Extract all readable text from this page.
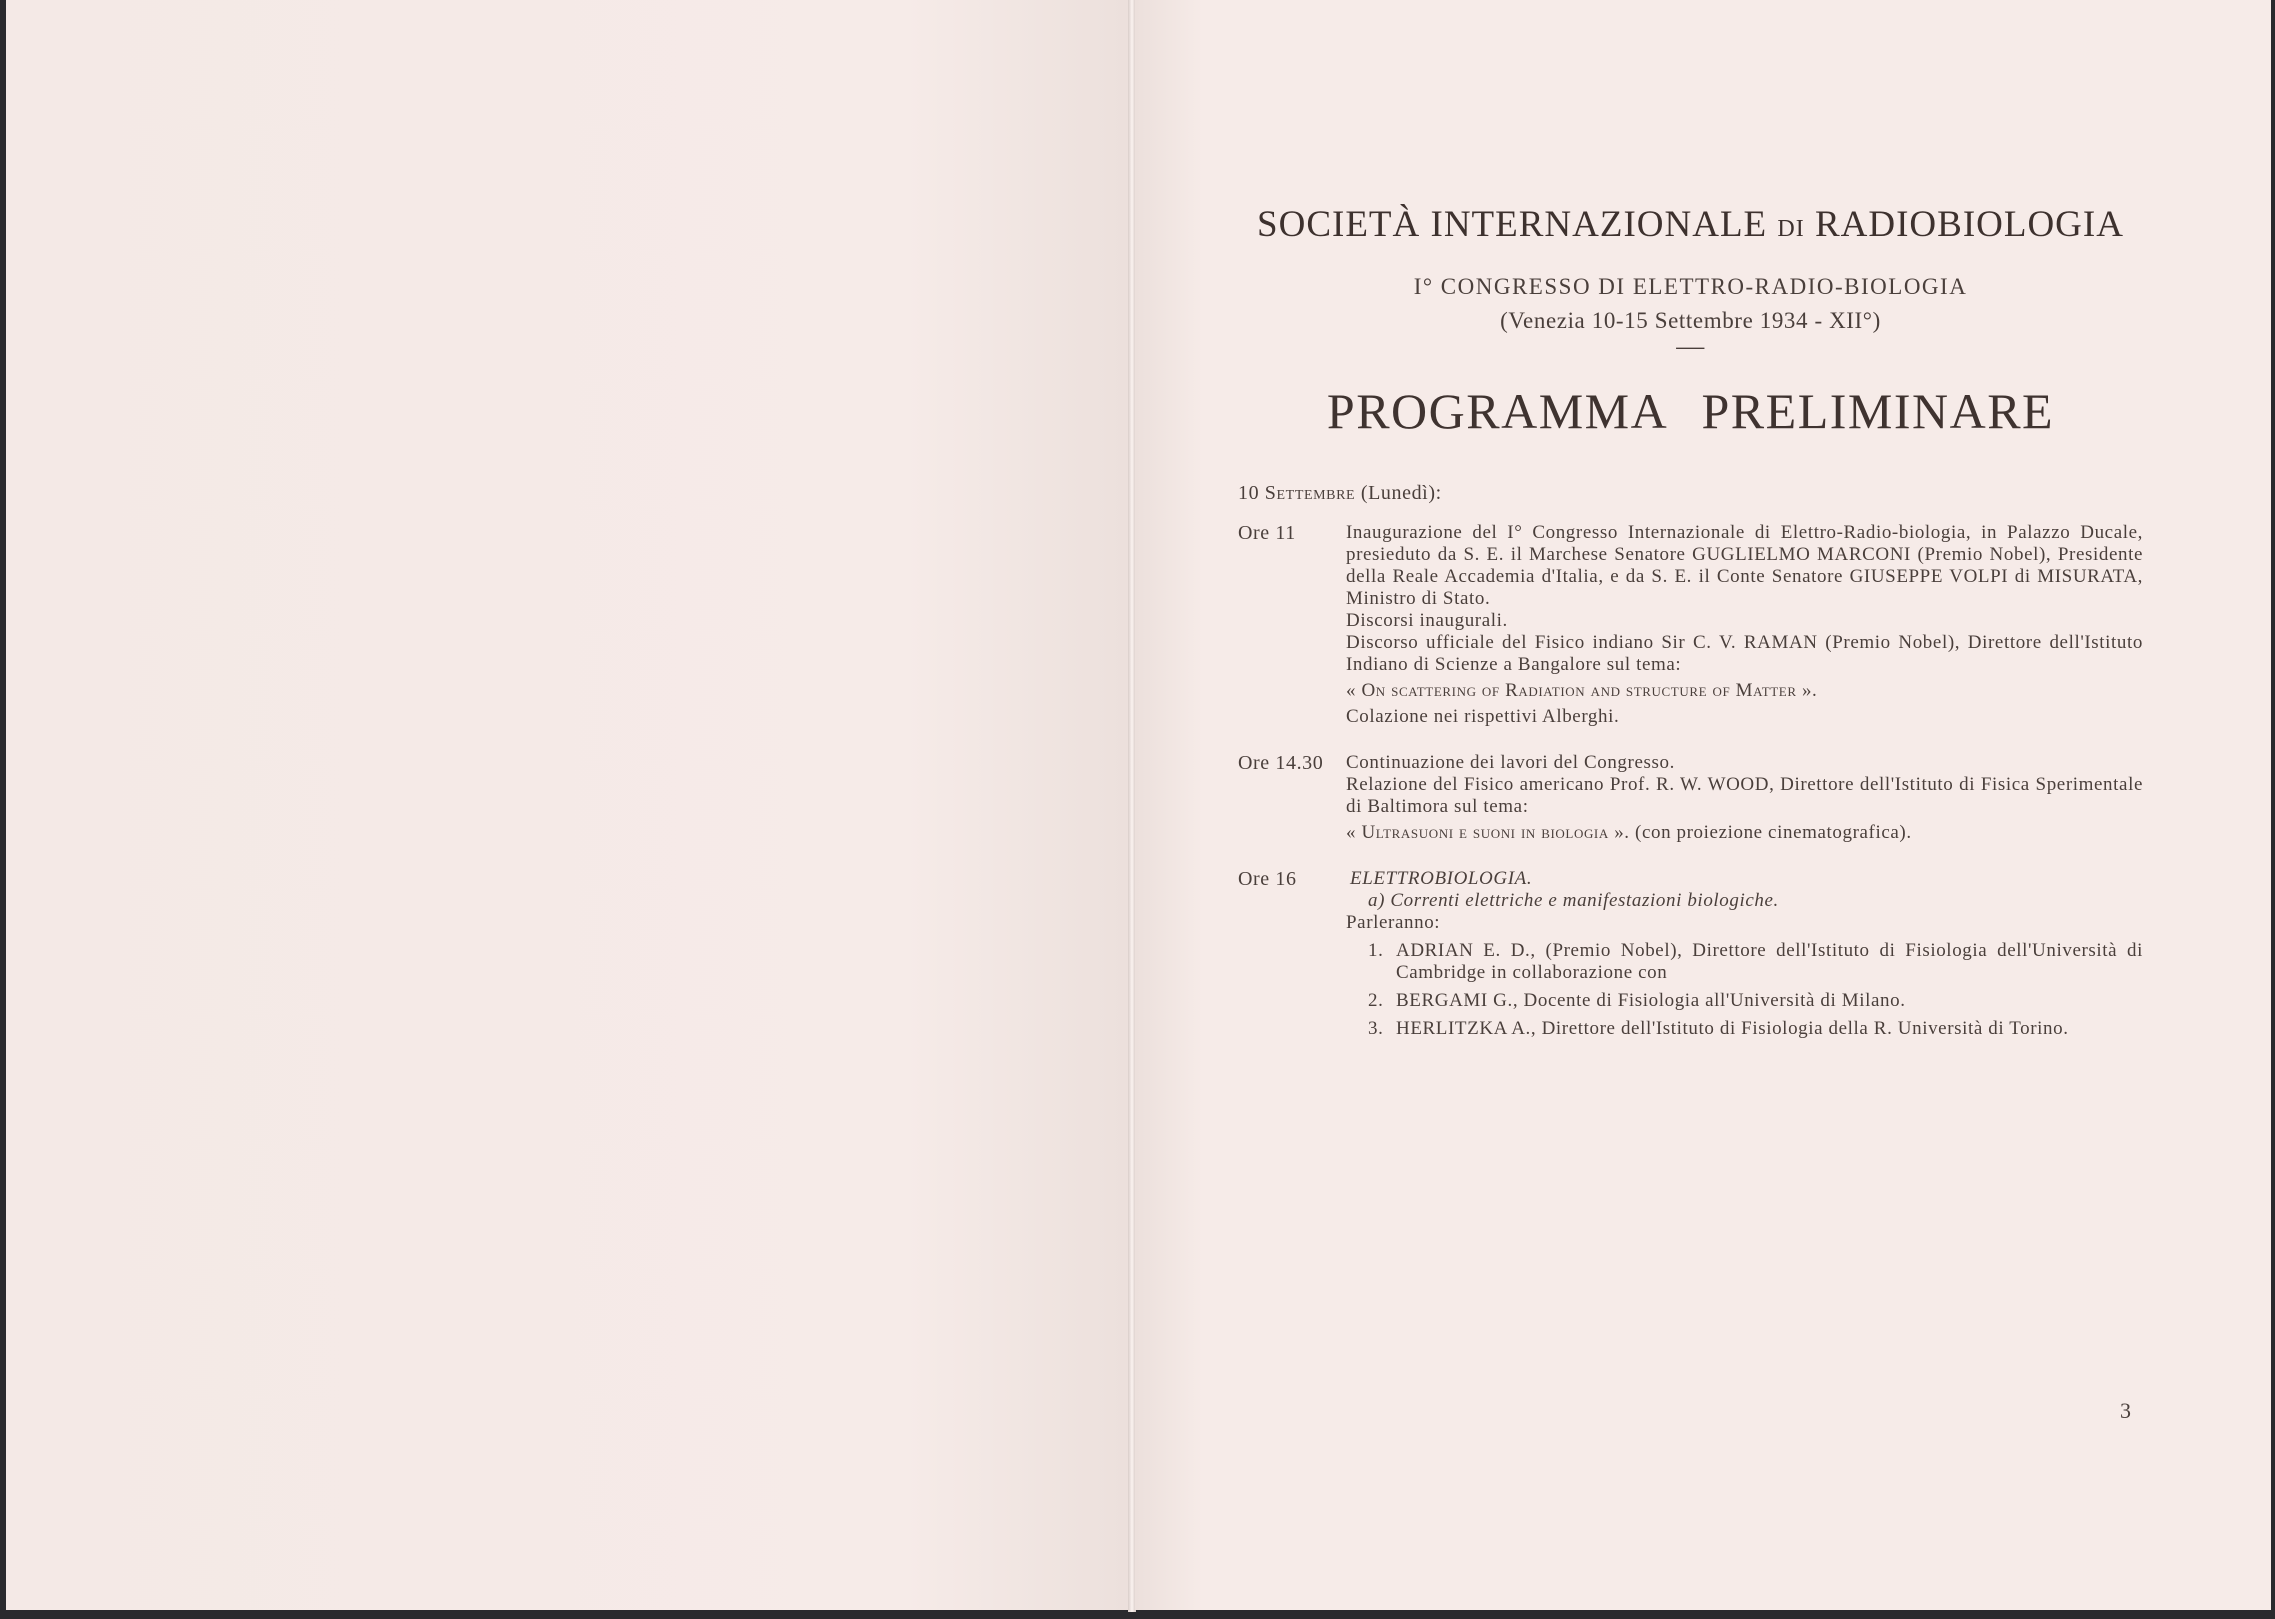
SOCIETÀ INTERNAZIONALE DI RADIOBIOLOGIA
I° CONGRESSO DI ELETTRO-RADIO-BIOLOGIA
(Venezia 10-15 Settembre 1934 - XII°)
—
PROGRAMMA PRELIMINARE
10 Settembre (Lunedì):
Ore 11	Inaugurazione del I° Congresso Internazionale di Elettro-Radio-biologia, in Palazzo Ducale, presieduto da S. E. il Marchese Senatore GUGLIELMO MARCONI (Premio Nobel), Presidente della Reale Accademia d'Italia, e da S. E. il Conte Senatore GIUSEPPE VOLPI di MISURATA, Ministro di Stato.

Discorsi inaugurali.

Discorso ufficiale del Fisico indiano Sir C. V. RAMAN (Premio Nobel), Direttore dell'Istituto Indiano di Scienze a Bangalore sul tema:

« On scattering of Radiation and structure of Matter ».

Colazione nei rispettivi Alberghi.

Ore 14.30	Continuazione dei lavori del Congresso.

Relazione del Fisico americano Prof. R. W. WOOD, Direttore dell'Istituto di Fisica Sperimentale di Baltimora sul tema:

« Ultrasuoni e suoni in biologia ». (con proiezione cinematografica).

Ore 16	ELETTROBIOLOGIA.

a) Correnti elettriche e manifestazioni biologiche.

Parleranno:

1. ADRIAN E. D., (Premio Nobel), Direttore dell'Istituto di Fisiologia dell'Università di Cambridge in collaborazione con
2. BERGAMI G., Docente di Fisiologia all'Università di Milano.
3. HERLITZKA A., Direttore dell'Istituto di Fisiologia della R. Università di Torino.
3
